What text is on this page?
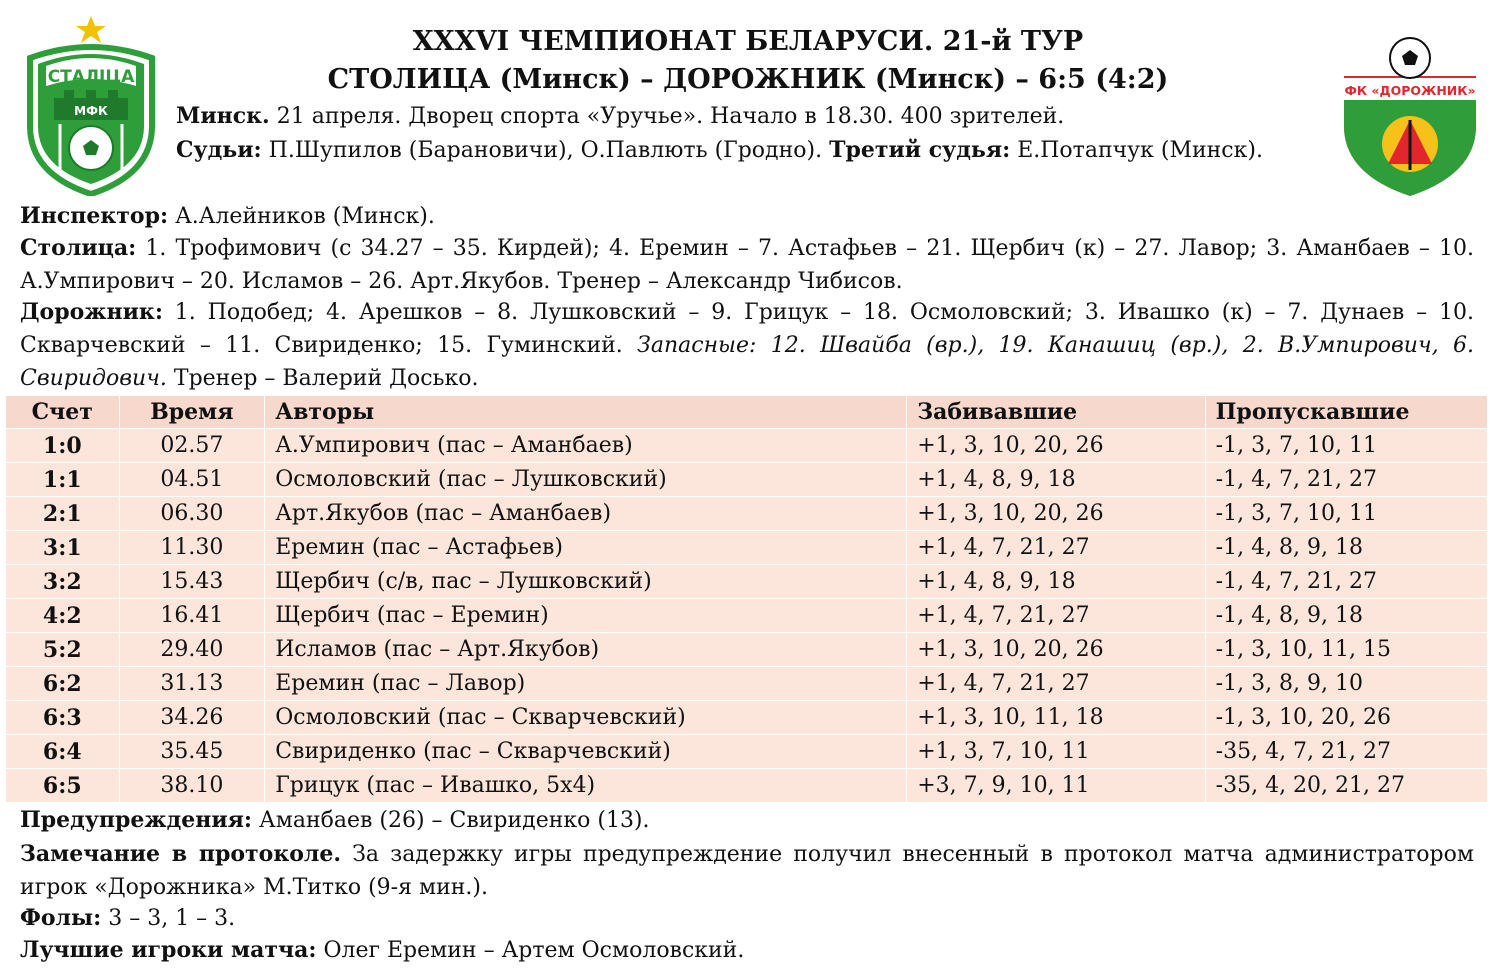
СТАЛІЦА
МФК
ФК «ДОРОЖНИК»
XXXVI ЧЕМПИОНАТ БЕЛАРУСИ. 21-й ТУР
СТОЛИЦА (Минск) – ДОРОЖНИК (Минск) – 6:5 (4:2)

Минск. 21 апреля. Дворец спорта «Уручье». Начало в 18.30. 400 зрителей.

Судьи: П.Шупилов (Барановичи), О.Павлють (Гродно). Третий судья: Е.Потапчук (Минск).

Инспектор: А.Алейников (Минск).

Столица: 1. Трофимович (с 34.27 – 35. Кирдей); 4. Еремин – 7. Астафьев – 21. Щербич (к) – 27. Лавор; 3. Аманбаев – 10. А.Умпирович – 20. Исламов – 26. Арт.Якубов. Тренер – Александр Чибисов.

Дорожник: 1. Подобед; 4. Арешков – 8. Лушковский – 9. Грицук – 18. Осмоловский; 3. Ивашко (к) – 7. Дунаев – 10. Скварчевский – 11. Свириденко; 15. Гуминский. Запасные: 12. Швайба (вр.), 19. Канашиц (вр.), 2. В.Умпирович, 6. Свиридович. Тренер – Валерий Досько.

Счет	Время	Авторы	Забивавшие	Пропускавшие
1:0	02.57	А.Умпирович (пас – Аманбаев)	+1, 3, 10, 20, 26	-1, 3, 7, 10, 11
1:1	04.51	Осмоловский (пас – Лушковский)	+1, 4, 8, 9, 18	-1, 4, 7, 21, 27
2:1	06.30	Арт.Якубов (пас – Аманбаев)	+1, 3, 10, 20, 26	-1, 3, 7, 10, 11
3:1	11.30	Еремин (пас – Астафьев)	+1, 4, 7, 21, 27	-1, 4, 8, 9, 18
3:2	15.43	Щербич (с/в, пас – Лушковский)	+1, 4, 8, 9, 18	-1, 4, 7, 21, 27
4:2	16.41	Щербич (пас – Еремин)	+1, 4, 7, 21, 27	-1, 4, 8, 9, 18
5:2	29.40	Исламов (пас – Арт.Якубов)	+1, 3, 10, 20, 26	-1, 3, 10, 11, 15
6:2	31.13	Еремин (пас – Лавор)	+1, 4, 7, 21, 27	-1, 3, 8, 9, 10
6:3	34.26	Осмоловский (пас – Скварчевский)	+1, 3, 10, 11, 18	-1, 3, 10, 20, 26
6:4	35.45	Свириденко (пас – Скварчевский)	+1, 3, 7, 10, 11	-35, 4, 7, 21, 27
6:5	38.10	Грицук (пас – Ивашко, 5х4)	+3, 7, 9, 10, 11	-35, 4, 20, 21, 27

Предупреждения: Аманбаев (26) – Свириденко (13).

Замечание в протоколе. За задержку игры предупреждение получил внесенный в протокол матча администратором игрок «Дорожника» М.Титко (9-я мин.).

Фолы: 3 – 3, 1 – 3.

Лучшие игроки матча: Олег Еремин – Артем Осмоловский.
